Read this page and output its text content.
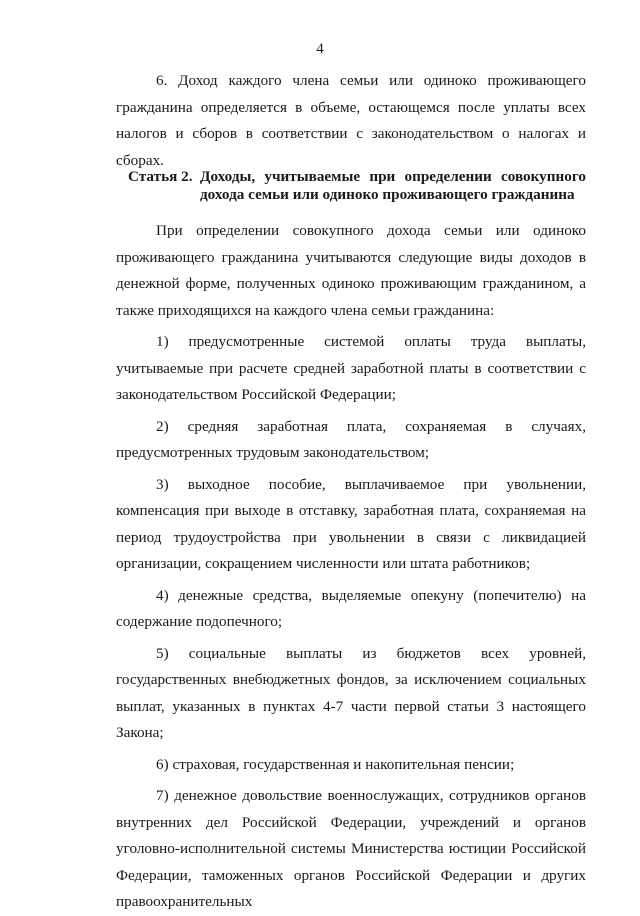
4

6. Доход каждого члена семьи или одиноко проживающего гражданина определяется в объеме, остающемся после уплаты всех налогов и сборов в соответствии с законодательством о налогах и сборах.

Статья 2. Доходы, учитываемые при определении совокупного
дохода семьи или одиноко проживающего гражданина

При определении совокупного дохода семьи или одиноко проживающего гражданина учитываются следующие виды доходов в денежной форме, полученных одиноко проживающим гражданином, а также приходящихся на каждого члена семьи гражданина:

1) предусмотренные системой оплаты труда выплаты, учитываемые при расчете средней заработной платы в соответствии с законодательством Российской Федерации;

2) средняя заработная плата, сохраняемая в случаях, предусмотренных трудовым законодательством;

3) выходное пособие, выплачиваемое при увольнении, компенсация при выходе в отставку, заработная плата, сохраняемая на период трудоустройства при увольнении в связи с ликвидацией организации, сокращением численности или штата работников;

4) денежные средства, выделяемые опекуну (попечителю) на содержание подопечного;

5) социальные выплаты из бюджетов всех уровней, государственных внебюджетных фондов, за исключением социальных выплат, указанных в пунктах 4-7 части первой статьи 3 настоящего Закона;

6) страховая, государственная и накопительная пенсии;

7) денежное довольствие военнослужащих, сотрудников органов внутренних дел Российской Федерации, учреждений и органов уголовно-исполнительной системы Министерства юстиции Российской Федерации, таможенных органов Российской Федерации и других правоохранительных
